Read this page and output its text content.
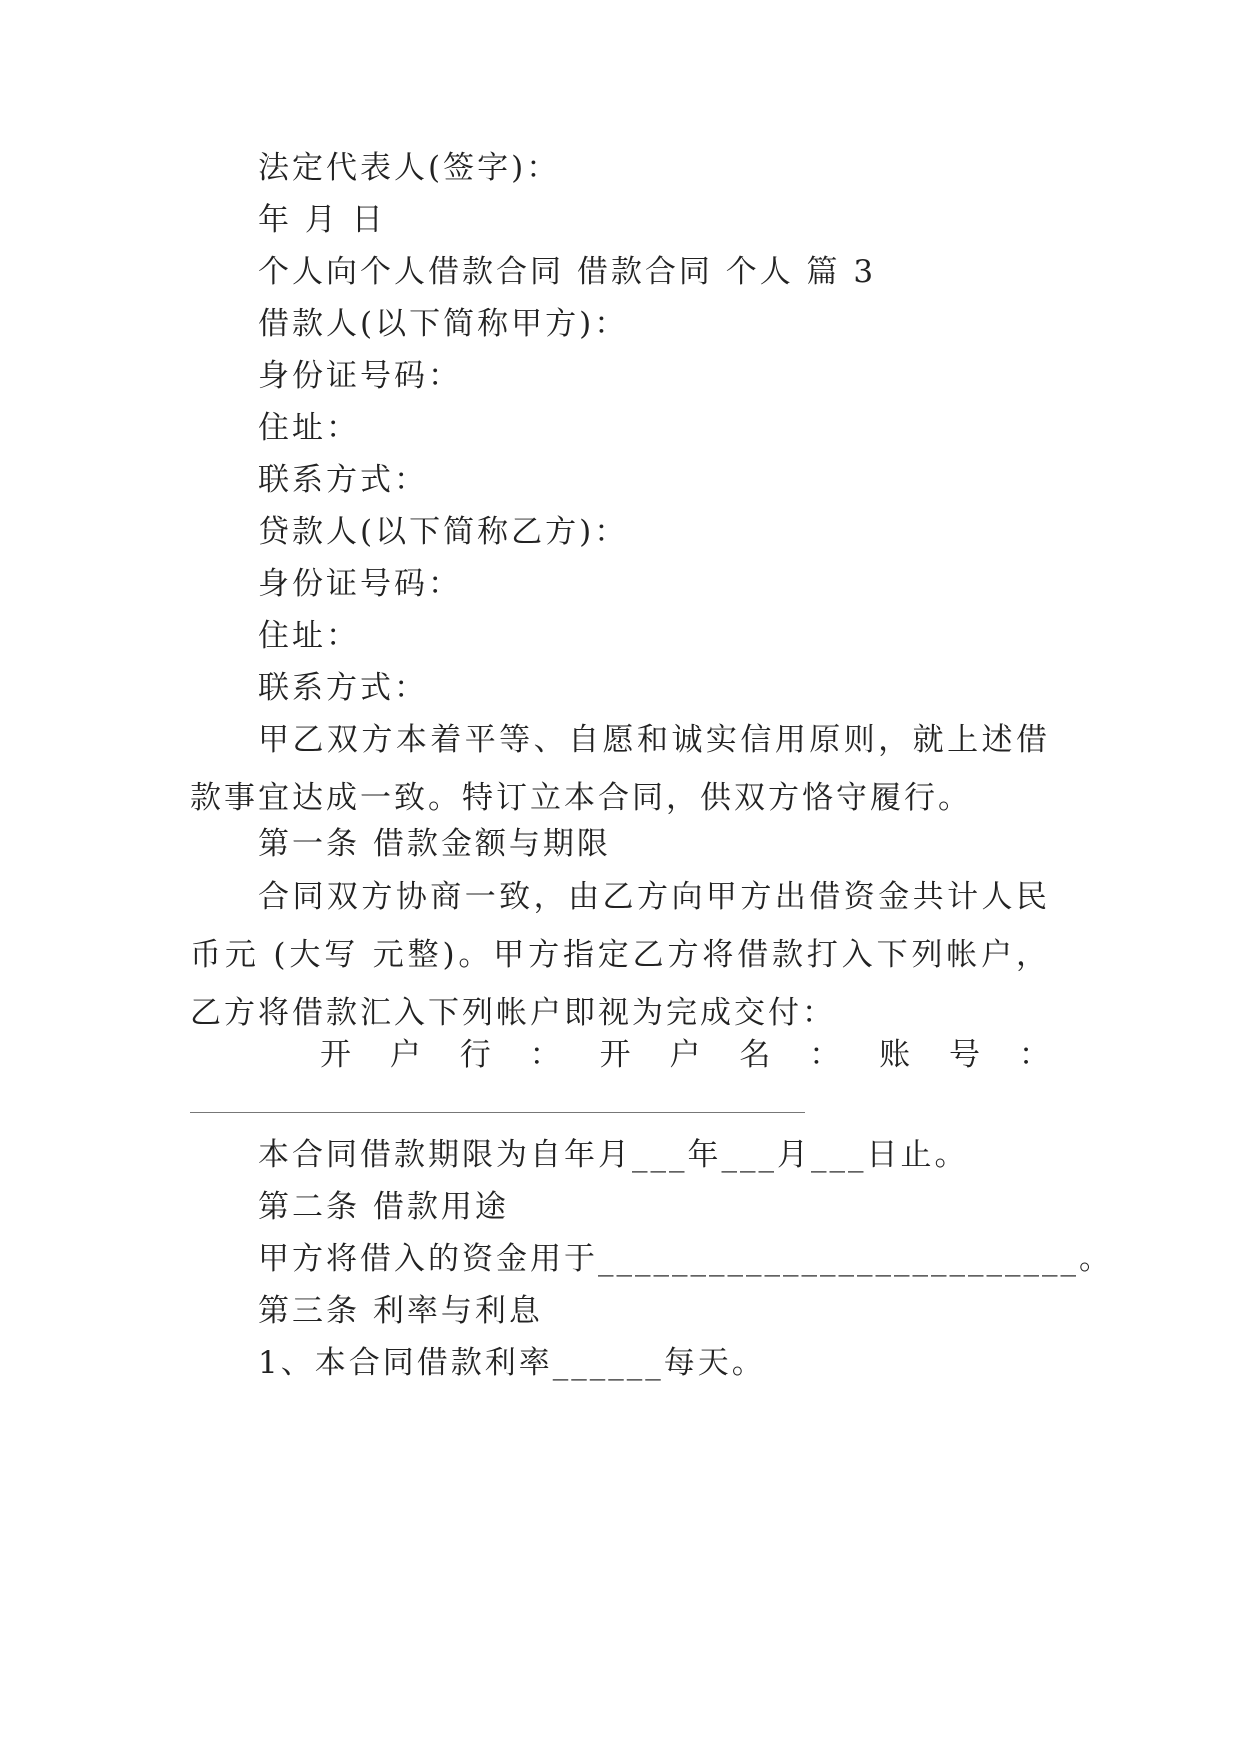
法定代表人(签字)：
年 月 日
个人向个人借款合同 借款合同 个人 篇 3
借款人(以下简称甲方)：
身份证号码：
住址：
联系方式：
贷款人(以下简称乙方)：
身份证号码：
住址：
联系方式：
甲乙双方本着平等、自愿和诚实信用原则，就上述借款事宜达成一致。特订立本合同，供双方恪守履行。
第一条 借款金额与期限
合同双方协商一致，由乙方向甲方出借资金共计人民币元 (大写 元整)。甲方指定乙方将借款打入下列帐户，乙方将借款汇入下列帐户即视为完成交付：
开 户 行 ： 开 户 名 ： 账 号 ：
本合同借款期限为自年月___年___月___日止。
第二条 借款用途
甲方将借入的资金用于__________________________。
第三条 利率与利息
1、本合同借款利率______每天。
